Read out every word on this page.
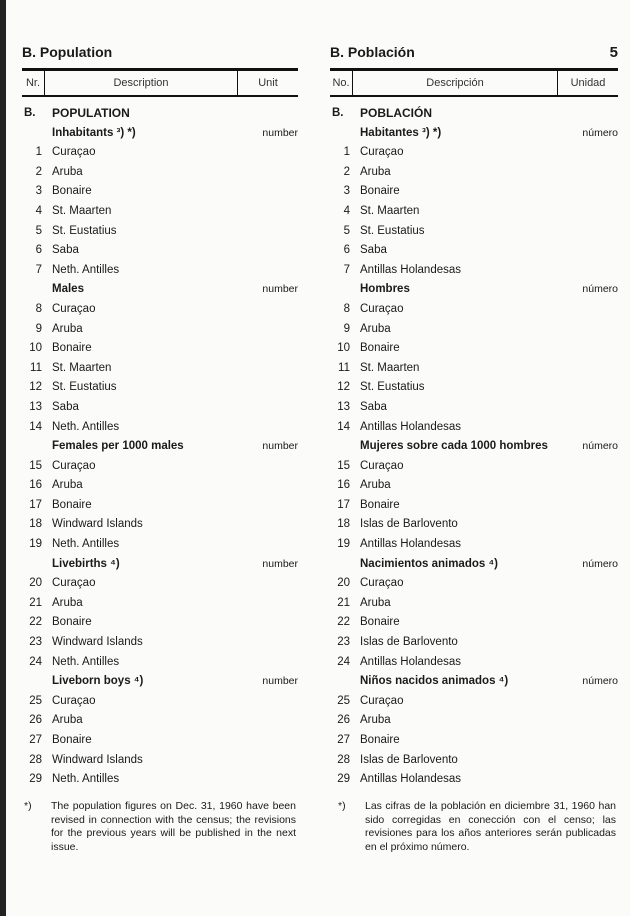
B. Population
Nr.	Description	Unit
B.	POPULATION
Inhabitants ³) *)	number
1 Curaçao
2 Aruba
3 Bonaire
4 St. Maarten
5 St. Eustatius
6 Saba
7 Neth. Antilles
Males	number
8 Curaçao
9 Aruba
10 Bonaire
11 St. Maarten
12 St. Eustatius
13 Saba
14 Neth. Antilles
Females per 1000 males	number
15 Curaçao
16 Aruba
17 Bonaire
18 Windward Islands
19 Neth. Antilles
Livebirths ⁴)	number
20 Curaçao
21 Aruba
22 Bonaire
23 Windward Islands
24 Neth. Antilles
Liveborn boys ⁴)	number
25 Curaçao
26 Aruba
27 Bonaire
28 Windward Islands
29 Neth. Antilles
B. Población	5
No.	Descripción	Unidad
B.	POBLACIÓN
Habitantes ³) *)	número
1 Curaçao
2 Aruba
3 Bonaire
4 St. Maarten
5 St. Eustatius
6 Saba
7 Antillas Holandesas
Hombres	número
8 Curaçao
9 Aruba
10 Bonaire
11 St. Maarten
12 St. Eustatius
13 Saba
14 Antillas Holandesas
Mujeres sobre cada 1000 hombres	número
15 Curaçao
16 Aruba
17 Bonaire
18 Islas de Barlovento
19 Antillas Holandesas
Nacimientos animados ⁴)	número
20 Curaçao
21 Aruba
22 Bonaire
23 Islas de Barlovento
24 Antillas Holandesas
Niños nacidos animados ⁴)	número
25 Curaçao
26 Aruba
27 Bonaire
28 Islas de Barlovento
29 Antillas Holandesas
*) The population figures on Dec. 31, 1960 have been revised in connection with the census; the revisions for the previous years will be published in the next issue.
*) Las cifras de la población en diciembre 31, 1960 han sido corregidas en conección con el censo; las revisiones para los años anteriores serán publicadas en el próximo número.
